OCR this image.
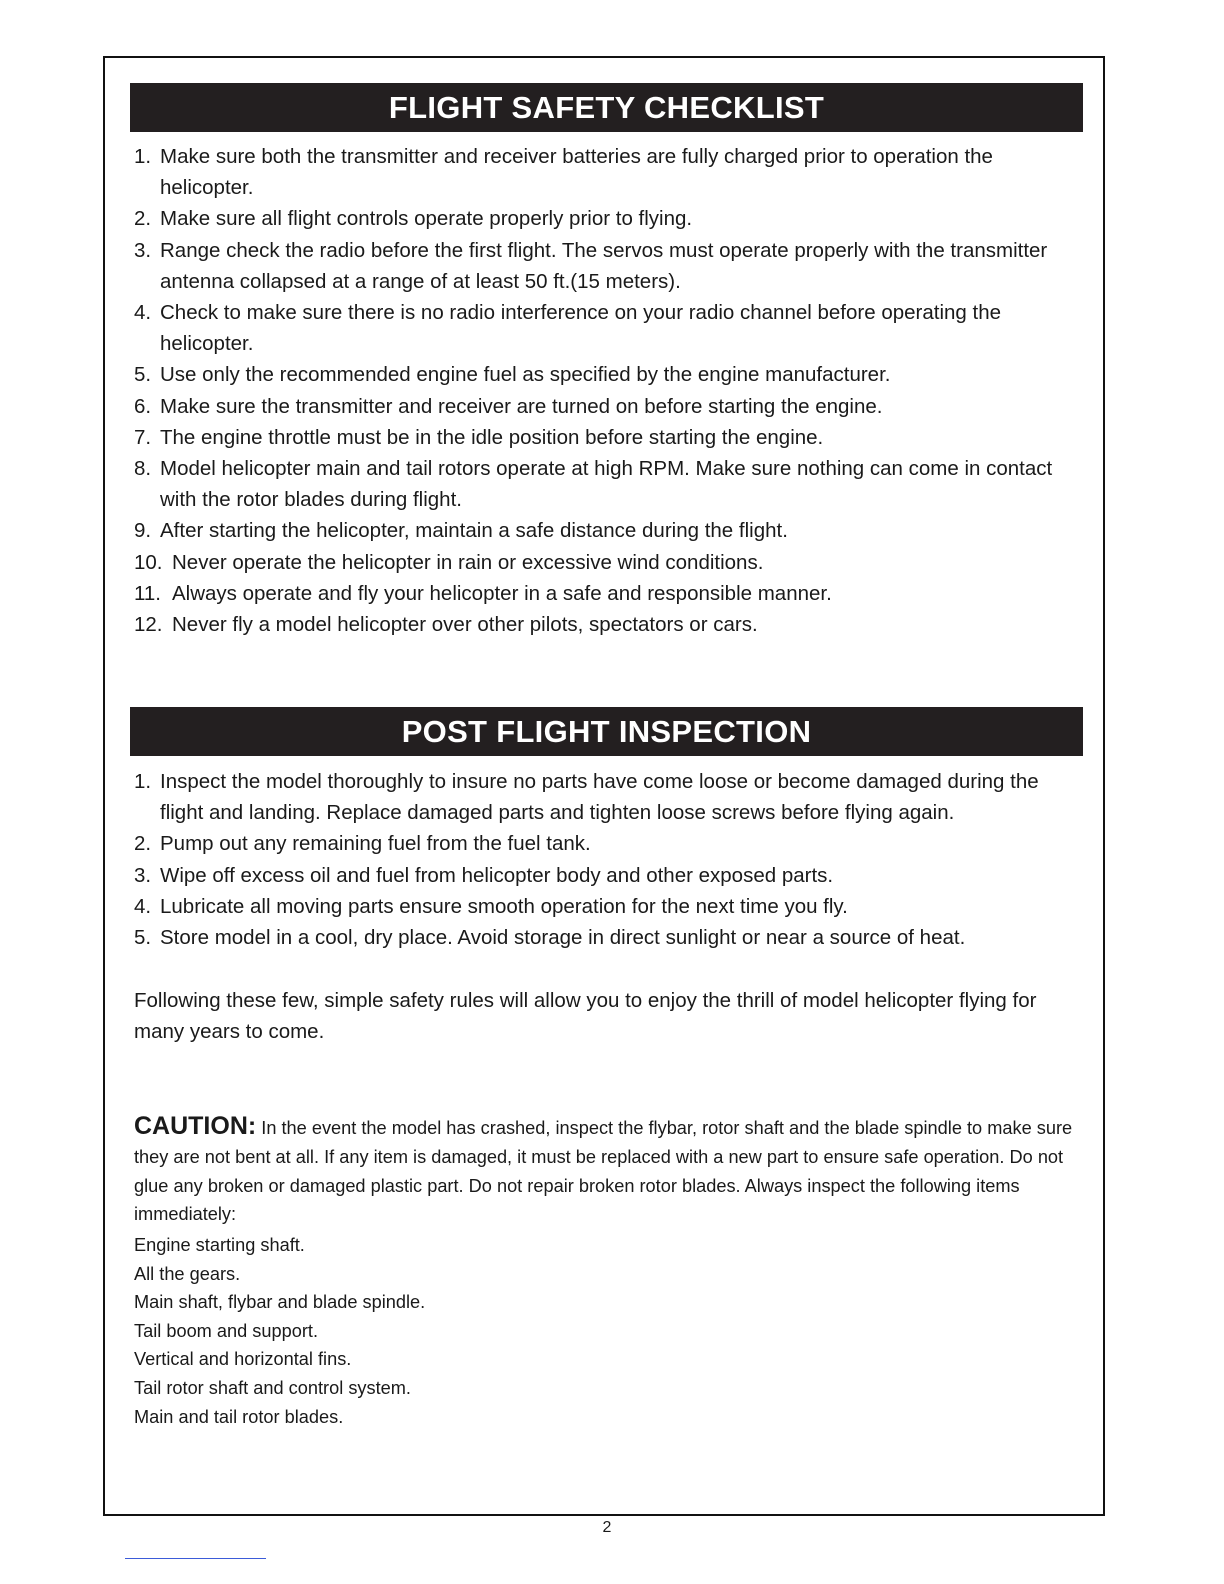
FLIGHT SAFETY CHECKLIST
1. Make sure both the transmitter and receiver batteries are fully charged prior to operation the helicopter.
2. Make sure all flight controls operate properly prior to flying.
3. Range check the radio before the first flight. The servos must operate properly with the transmitter antenna collapsed at a range of at least 50 ft.(15 meters).
4. Check to make sure there is no radio interference on your radio channel before operating the helicopter.
5. Use only the recommended engine fuel as specified by the engine manufacturer.
6. Make sure the transmitter and receiver are turned on before starting the engine.
7. The engine throttle must be in the idle position before starting the engine.
8. Model helicopter main and tail rotors operate at high RPM. Make sure nothing can come in contact with the rotor blades during flight.
9. After starting the helicopter, maintain a safe distance during the flight.
10. Never operate the helicopter in rain or excessive wind conditions.
11. Always operate and fly your helicopter in a safe and responsible manner.
12. Never fly a model helicopter over other pilots, spectators or cars.
POST FLIGHT INSPECTION
1. Inspect the model thoroughly to insure no parts have come loose or become damaged during the flight and landing. Replace damaged parts and tighten loose screws before flying again.
2. Pump out any remaining fuel from the fuel tank.
3. Wipe off excess oil and fuel from helicopter body and other exposed parts.
4. Lubricate all moving parts ensure smooth operation for the next time you fly.
5. Store model in a cool, dry place. Avoid storage in direct sunlight or near a source of heat.

Following these few, simple safety rules will allow you to enjoy the thrill of model helicopter flying for many years to come.

CAUTION: In the event the model has crashed, inspect the flybar, rotor shaft and the blade spindle to make sure they are not bent at all. If any item is damaged, it must be replaced with a new part to ensure safe operation. Do not glue any broken or damaged plastic part. Do not repair broken rotor blades. Always inspect the following items immediately:

Engine starting shaft.
All the gears.
Main shaft, flybar and blade spindle.
Tail boom and support.
Vertical and horizontal fins.
Tail rotor shaft and control system.
Main and tail rotor blades.
2
